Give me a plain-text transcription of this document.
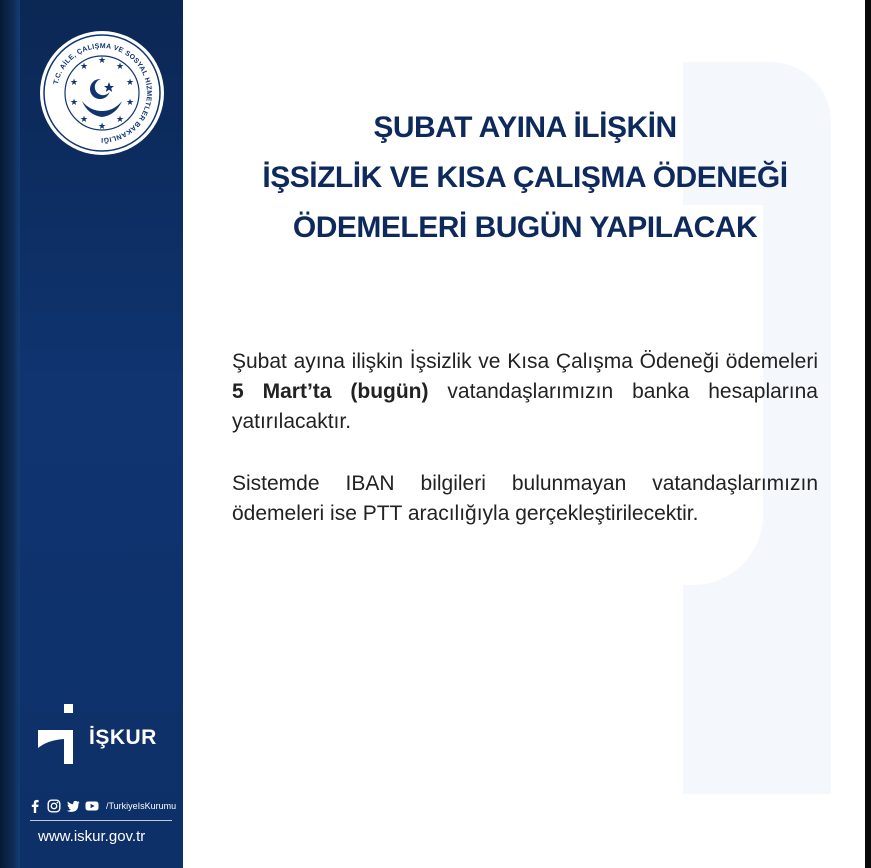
T.C. AİLE, ÇALIŞMA VE SOSYAL HİZMETLER BAKANLIĞI
★
★	★
★	★
★	★
★	★
★
İŞKUR
/TurkiyeIsKurumu
www.iskur.gov.tr
ŞUBAT AYINA İLİŞKİN
İŞSİZLİK VE KISA ÇALIŞMA ÖDENEĞİ
ÖDEMELERİ BUGÜN YAPILACAK

Şubat ayına ilişkin İşsizlik ve Kısa Çalışma Ödeneği ödemeleri 5 Mart’ta (bugün) vatandaşlarımızın banka hesaplarına yatırılacaktır.

Sistemde IBAN bilgileri bulunmayan vatandaşlarımızın ödemeleri ise PTT aracılığıyla gerçekleştirilecektir.
